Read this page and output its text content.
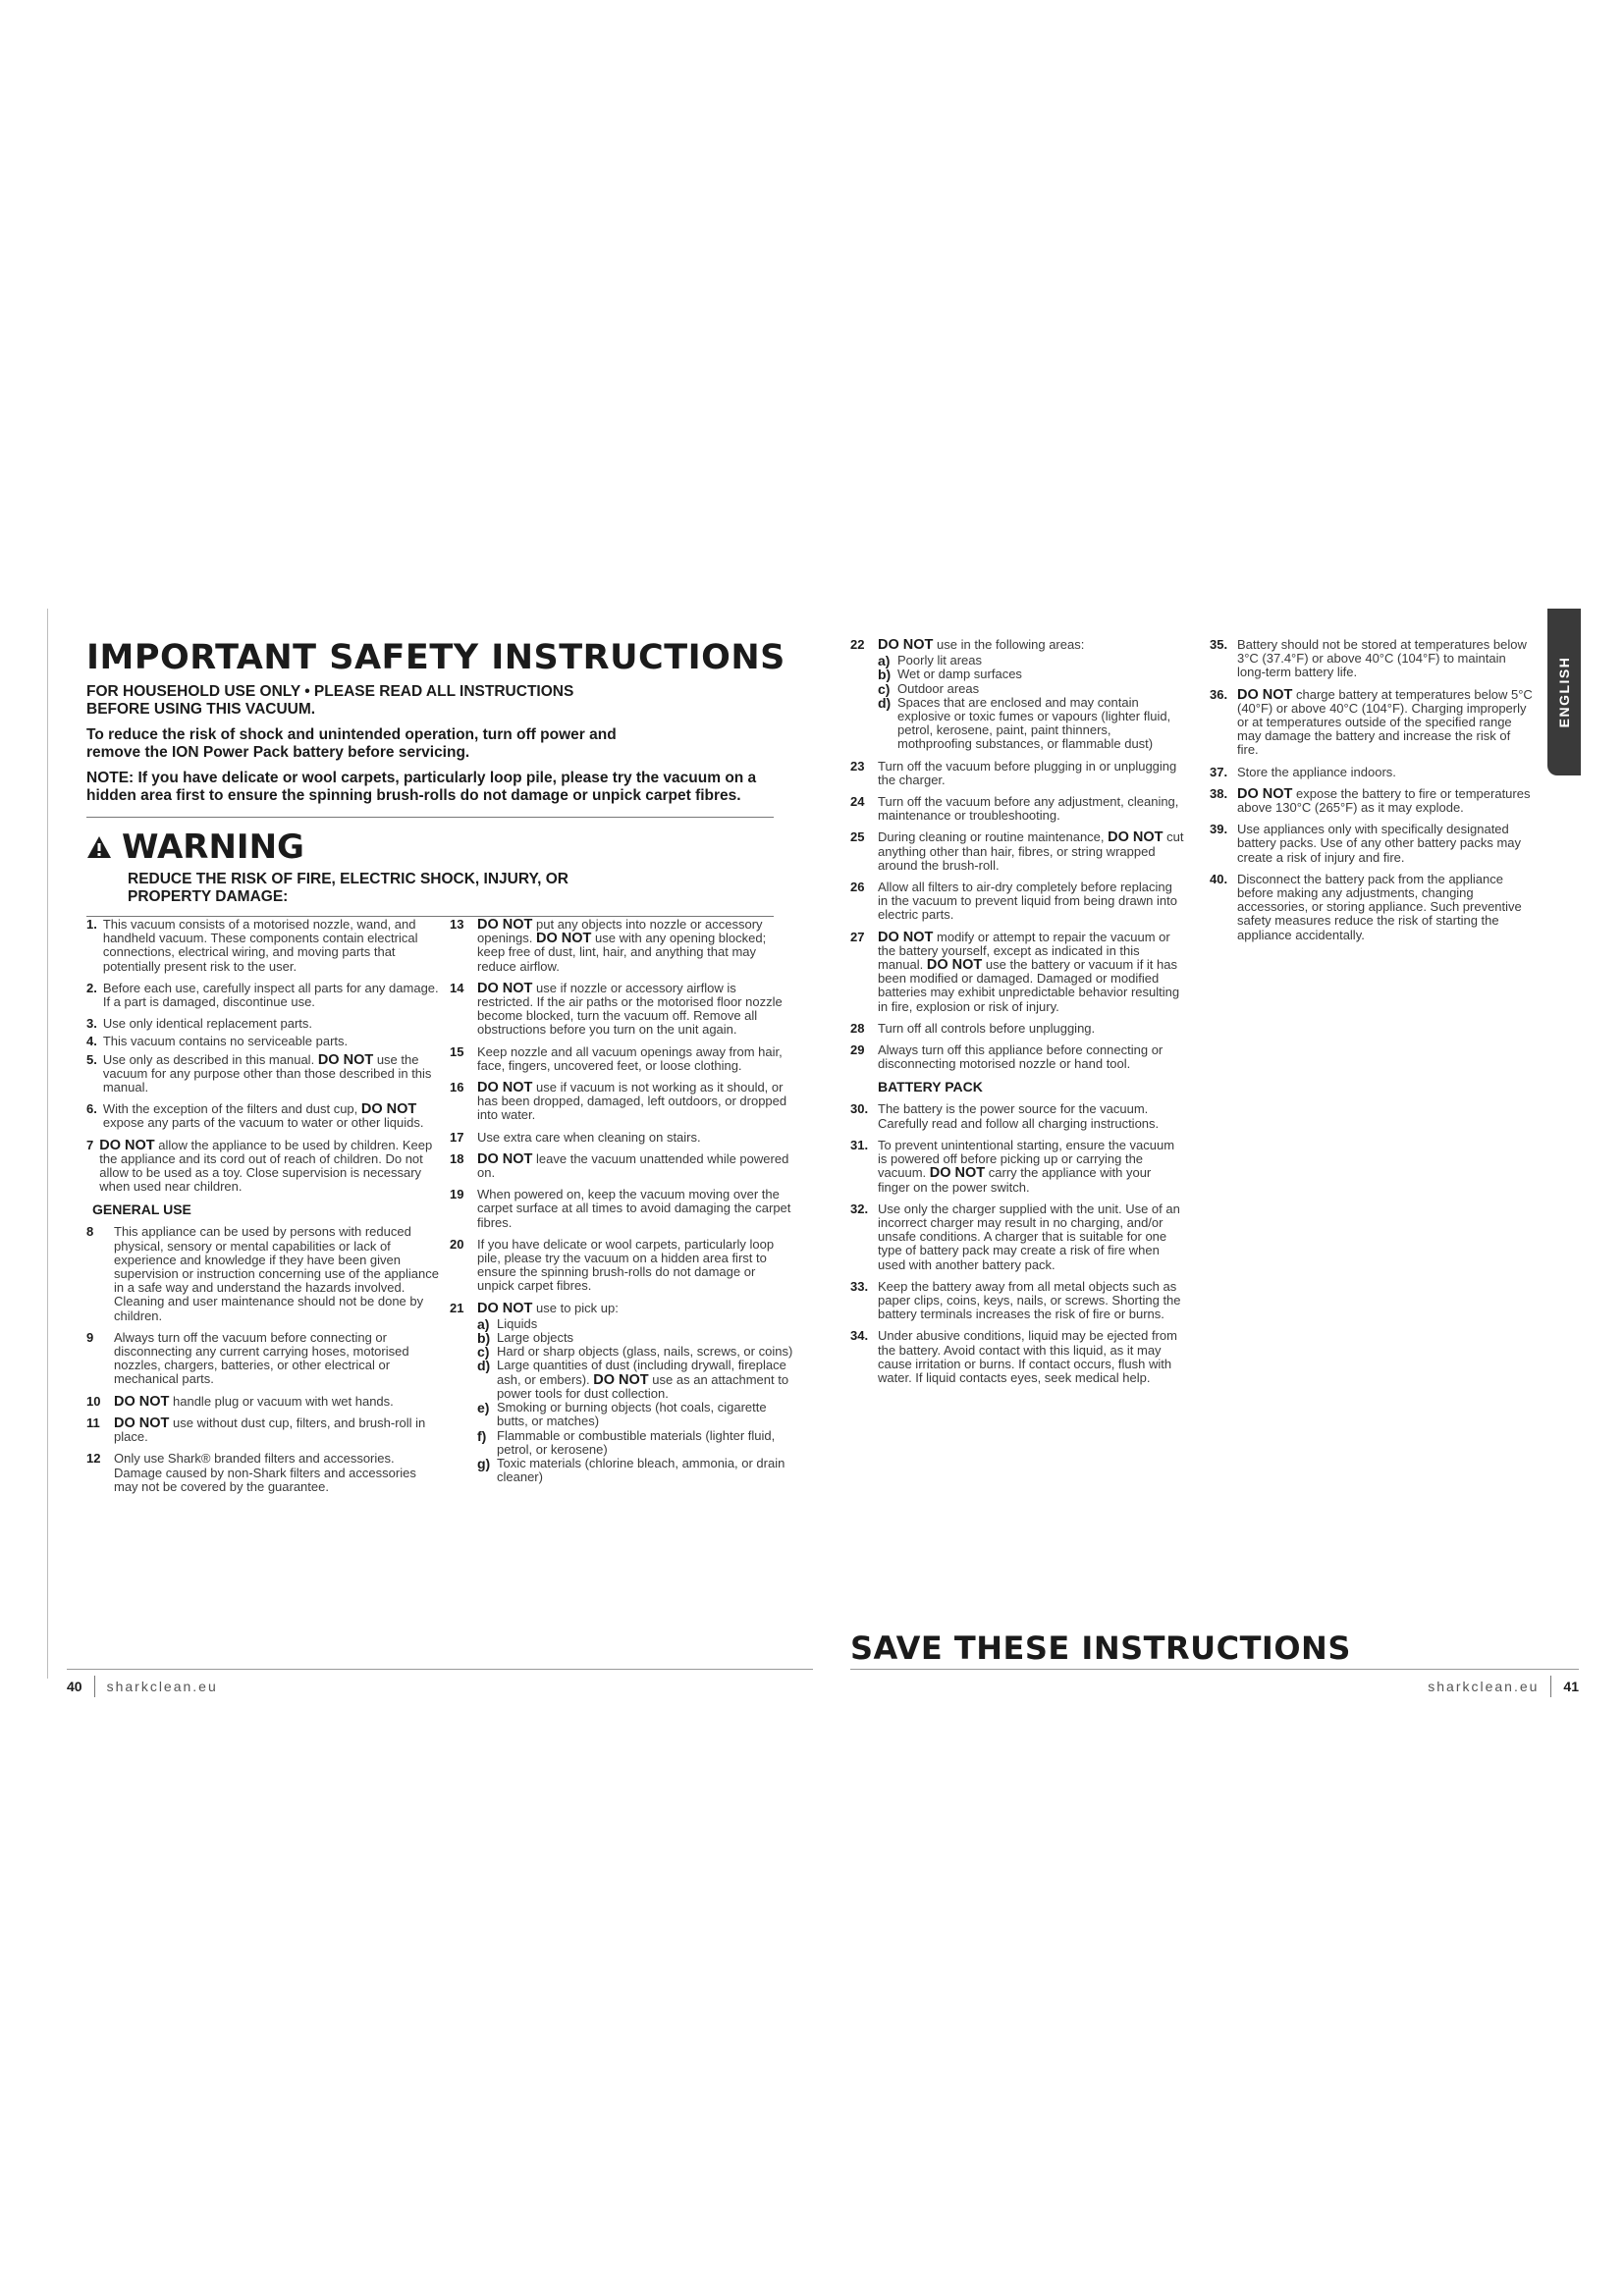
IMPORTANT SAFETY INSTRUCTIONS

FOR HOUSEHOLD USE ONLY • PLEASE READ ALL INSTRUCTIONS BEFORE USING THIS VACUUM.

To reduce the risk of shock and unintended operation, turn off power and remove the ION Power Pack battery before servicing.

NOTE: If you have delicate or wool carpets, particularly loop pile, please try the vacuum on a hidden area first to ensure the spinning brush-rolls do not damage or unpick carpet fibres.

WARNING

REDUCE THE RISK OF FIRE, ELECTRIC SHOCK, INJURY, OR PROPERTY DAMAGE:

1. This vacuum consists of a motorised nozzle, wand, and handheld vacuum. These components contain electrical connections, electrical wiring, and moving parts that potentially present risk to the user.
2. Before each use, carefully inspect all parts for any damage. If a part is damaged, discontinue use.
3. Use only identical replacement parts.
4. This vacuum contains no serviceable parts.
5. Use only as described in this manual. DO NOT use the vacuum for any purpose other than those described in this manual.
6. With the exception of the filters and dust cup, DO NOT expose any parts of the vacuum to water or other liquids.
7 DO NOT allow the appliance to be used by children. Keep the appliance and its cord out of reach of children. Do not allow to be used as a toy. Close supervision is necessary when used near children.
GENERAL USE
8	This appliance can be used by persons with reduced physical, sensory or mental capabilities or lack of experience and knowledge if they have been given supervision or instruction concerning use of the appliance in a safe way and understand the hazards involved. Cleaning and user maintenance should not be done by children.
9	Always turn off the vacuum before connecting or disconnecting any current carrying hoses, motorised nozzles, chargers, batteries, or other electrical or mechanical parts.
10 DO NOT handle plug or vacuum with wet hands.
11 DO NOT use without dust cup, filters, and brush-roll in place.
12	Only use Shark® branded filters and accessories. Damage caused by non-Shark filters and accessories may not be covered by the guarantee.
13 DO NOT put any objects into nozzle or accessory openings. DO NOT use with any opening blocked; keep free of dust, lint, hair, and anything that may reduce airflow.
14 DO NOT use if nozzle or accessory airflow is restricted. If the air paths or the motorised floor nozzle become blocked, turn the vacuum off. Remove all obstructions before you turn on the unit again.
15	Keep nozzle and all vacuum openings away from hair, face, fingers, uncovered feet, or loose clothing.
16 DO NOT use if vacuum is not working as it should, or has been dropped, damaged, left outdoors, or dropped into water.
17	Use extra care when cleaning on stairs.
18 DO NOT leave the vacuum unattended while powered on.
19	When powered on, keep the vacuum moving over the carpet surface at all times to avoid damaging the carpet fibres.
20	If you have delicate or wool carpets, particularly loop pile, please try the vacuum on a hidden area first to ensure the spinning brush-rolls do not damage or unpick carpet fibres.
21 DO NOT use to pick up:
a) Liquids
b) Large objects
c) Hard or sharp objects (glass, nails, screws, or coins)
d) Large quantities of dust (including drywall, fireplace ash, or embers). DO NOT use as an attachment to power tools for dust collection.
e) Smoking or burning objects (hot coals, cigarette butts, or matches)
f) Flammable or combustible materials (lighter fluid, petrol, or kerosene)
g) Toxic materials (chlorine bleach, ammonia, or drain cleaner)
22 DO NOT use in the following areas:
a) Poorly lit areas
b) Wet or damp surfaces
c) Outdoor areas
d) Spaces that are enclosed and may contain explosive or toxic fumes or vapours (lighter fluid, petrol, kerosene, paint, paint thinners, mothproofing substances, or flammable dust)
23	Turn off the vacuum before plugging in or unplugging the charger.
24	Turn off the vacuum before any adjustment, cleaning, maintenance or troubleshooting.
25	During cleaning or routine maintenance, DO NOT cut anything other than hair, fibres, or string wrapped around the brush-roll.
26	Allow all filters to air-dry completely before replacing in the vacuum to prevent liquid from being drawn into electric parts.
27 DO NOT modify or attempt to repair the vacuum or the battery yourself, except as indicated in this manual. DO NOT use the battery or vacuum if it has been modified or damaged. Damaged or modified batteries may exhibit unpredictable behavior resulting in fire, explosion or risk of injury.
28	Turn off all controls before unplugging.
29	Always turn off this appliance before connecting or disconnecting motorised nozzle or hand tool.
BATTERY PACK
30. The battery is the power source for the vacuum. Carefully read and follow all charging instructions.
31. To prevent unintentional starting, ensure the vacuum is powered off before picking up or carrying the vacuum. DO NOT carry the appliance with your finger on the power switch.
32. Use only the charger supplied with the unit. Use of an incorrect charger may result in no charging, and/or unsafe conditions. A charger that is suitable for one type of battery pack may create a risk of fire when used with another battery pack.
33. Keep the battery away from all metal objects such as paper clips, coins, keys, nails, or screws. Shorting the battery terminals increases the risk of fire or burns.
34. Under abusive conditions, liquid may be ejected from the battery. Avoid contact with this liquid, as it may cause irritation or burns. If contact occurs, flush with water. If liquid contacts eyes, seek medical help.
35. Battery should not be stored at temperatures below 3°C (37.4°F) or above 40°C (104°F) to maintain long-term battery life.
36. DO NOT charge battery at temperatures below 5°C (40°F) or above 40°C (104°F). Charging improperly or at temperatures outside of the specified range may damage the battery and increase the risk of fire.
37. Store the appliance indoors.
38. DO NOT expose the battery to fire or temperatures above 130°C (265°F) as it may explode.
39. Use appliances only with specifically designated battery packs. Use of any other battery packs may create a risk of injury and fire.
40. Disconnect the battery pack from the appliance before making any adjustments, changing accessories, or storing appliance. Such preventive safety measures reduce the risk of starting the appliance accidentally.
SAVE THESE INSTRUCTIONS
40 sharkclean.eu	sharkclean.eu 41
ENGLISH
